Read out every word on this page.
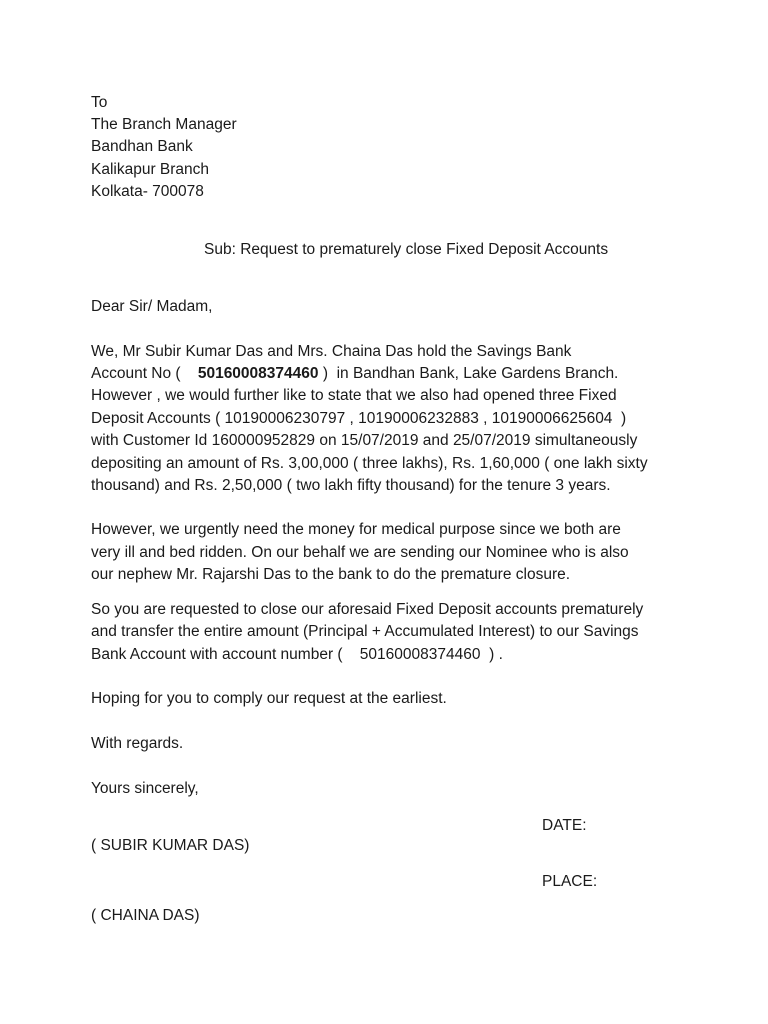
To
The Branch Manager
Bandhan Bank
Kalikapur Branch
Kolkata- 700078
Sub: Request to prematurely close Fixed Deposit Accounts
Dear Sir/ Madam,
We, Mr Subir Kumar Das and Mrs. Chaina Das hold the Savings Bank
Account No (    50160008374460 )  in Bandhan Bank, Lake Gardens Branch.
However , we would further like to state that we also had opened three Fixed
Deposit Accounts ( 10190006230797 , 10190006232883 , 10190006625604  )
with Customer Id 160000952829 on 15/07/2019 and 25/07/2019 simultaneously
depositing an amount of Rs. 3,00,000 ( three lakhs), Rs. 1,60,000 ( one lakh sixty
thousand) and Rs. 2,50,000 ( two lakh fifty thousand) for the tenure 3 years.
However, we urgently need the money for medical purpose since we both are
very ill and bed ridden. On our behalf we are sending our Nominee who is also
our nephew Mr. Rajarshi Das to the bank to do the premature closure.
So you are requested to close our aforesaid Fixed Deposit accounts prematurely
and transfer the entire amount (Principal + Accumulated Interest) to our Savings
Bank Account with account number (    50160008374460  ) .
Hoping for you to comply our request at the earliest.
With regards.
Yours sincerely,
DATE:
( SUBIR KUMAR DAS)
PLACE:
( CHAINA DAS)
